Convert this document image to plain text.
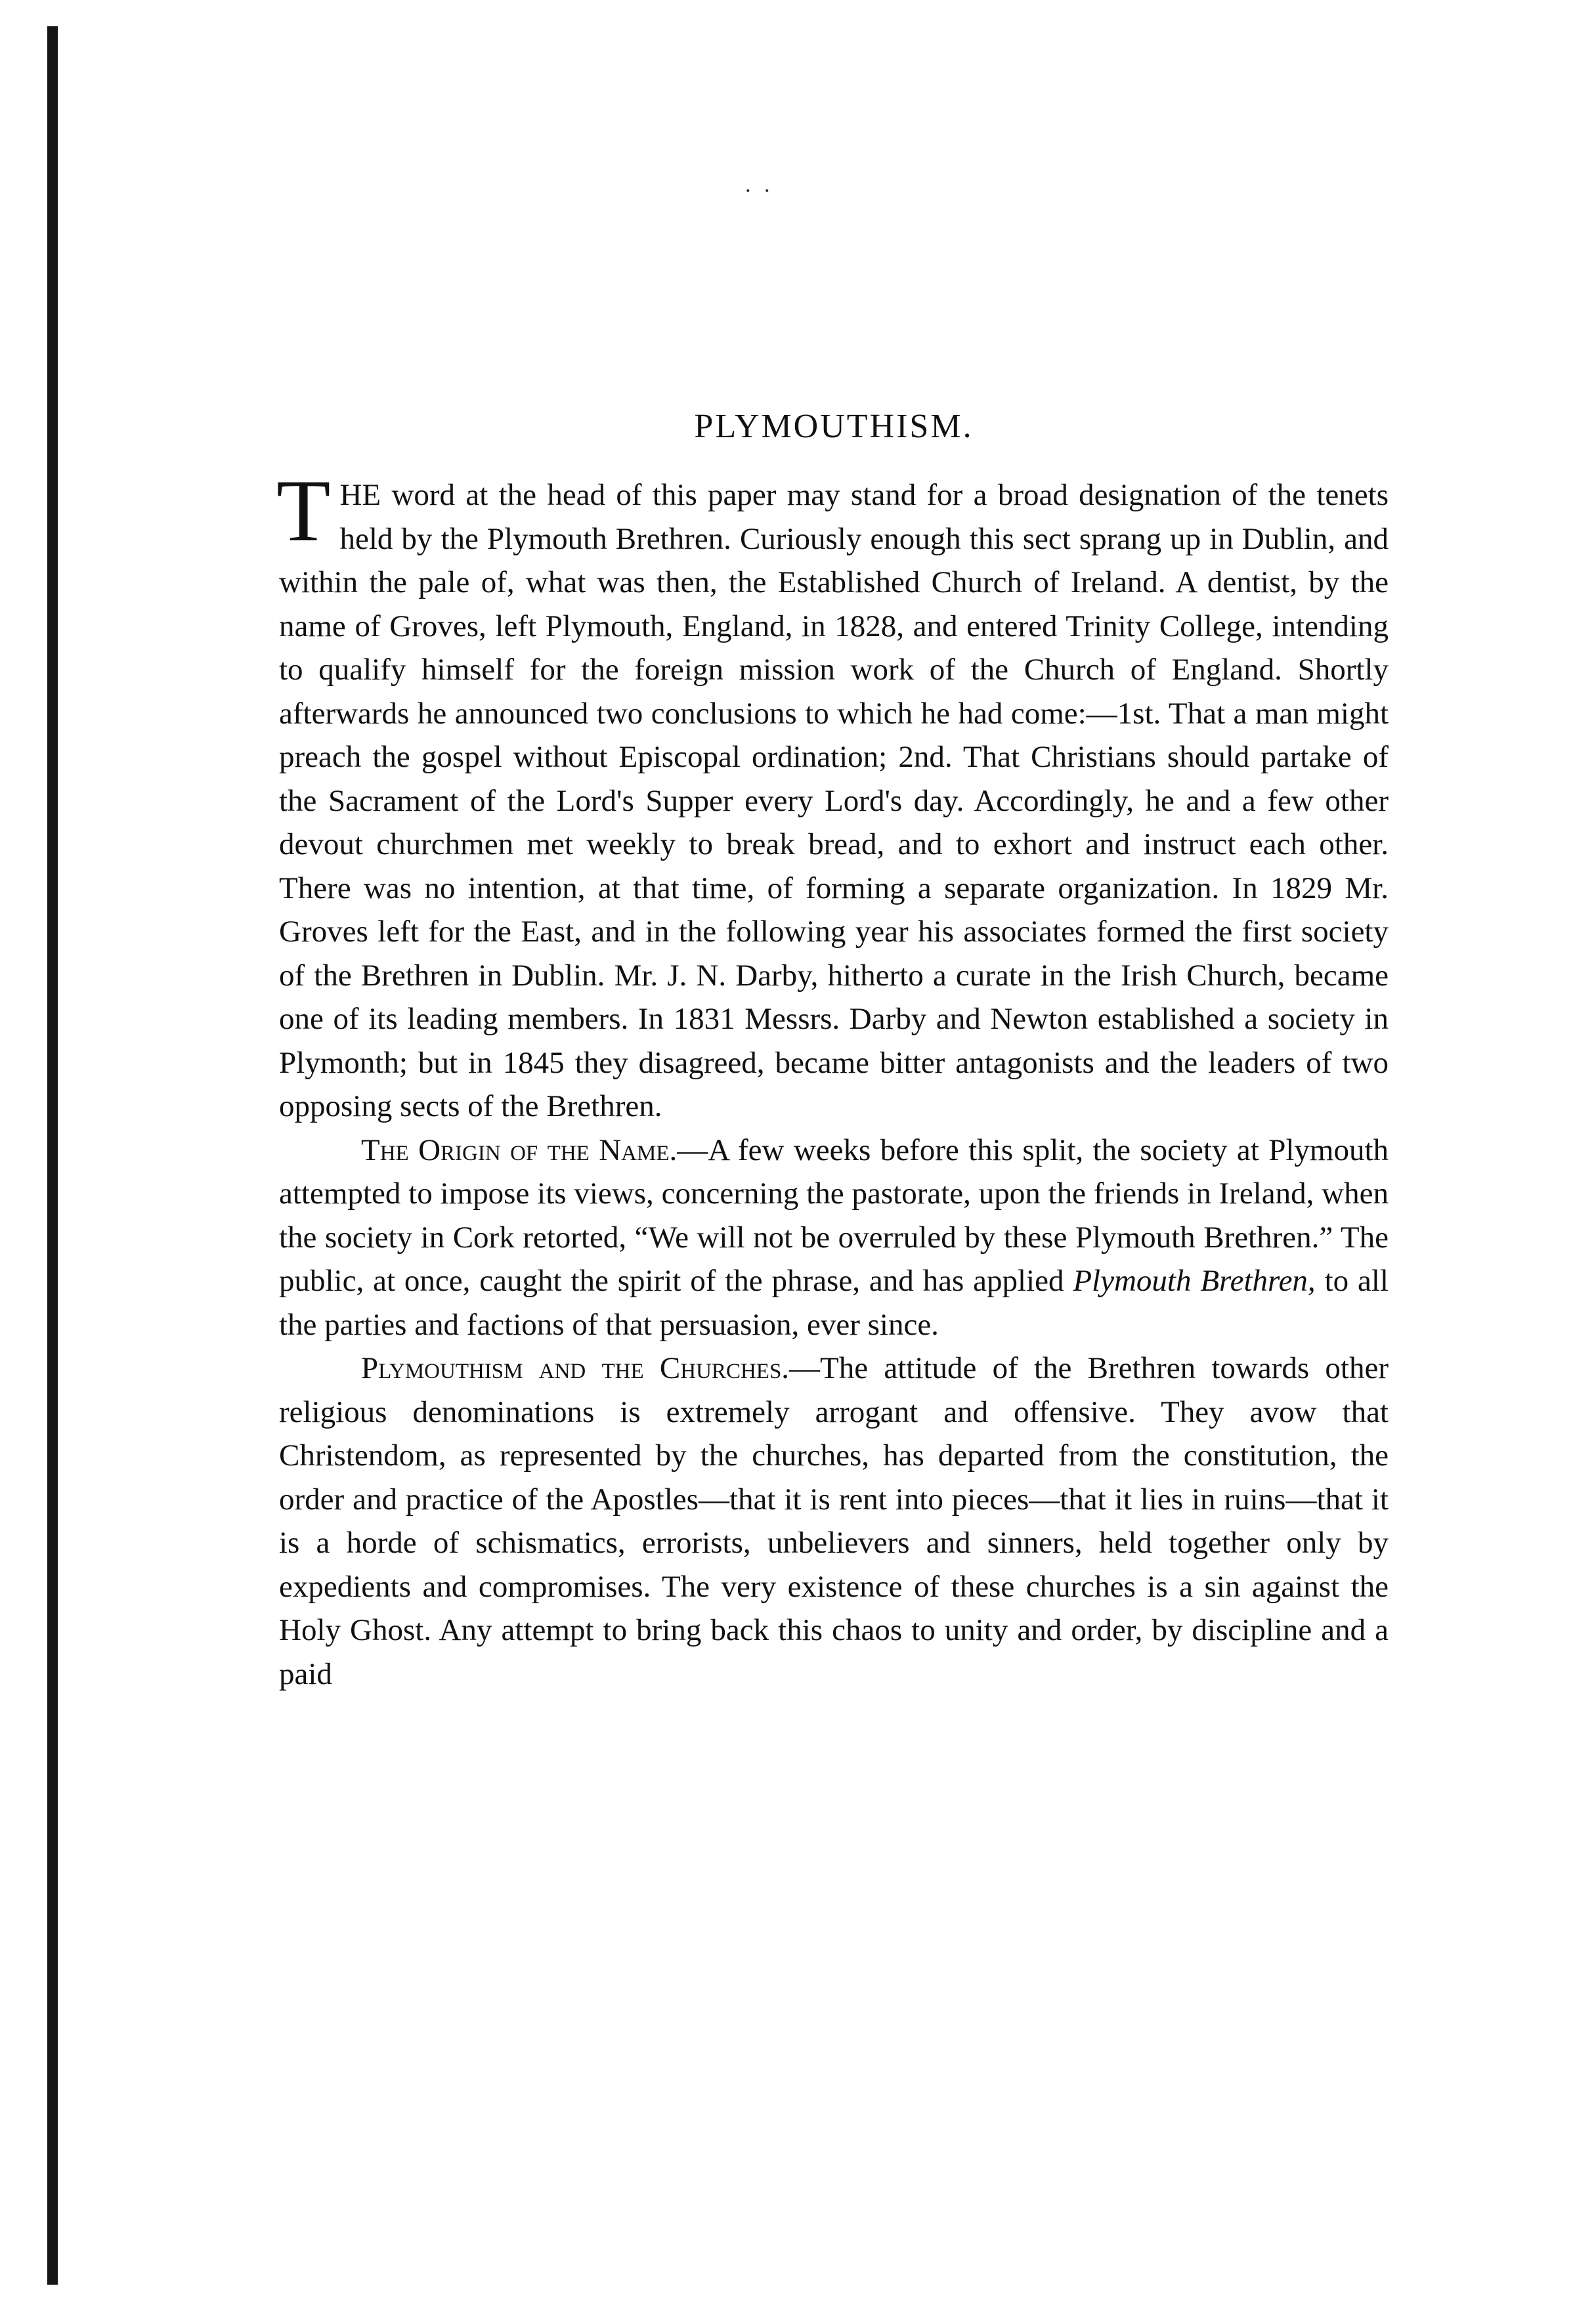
. .
PLYMOUTHISM.

THE word at the head of this paper may stand for a broad designation of the tenets held by the Plymouth Brethren. Curiously enough this sect sprang up in Dublin, and within the pale of, what was then, the Established Church of Ireland. A dentist, by the name of Groves, left Plymouth, England, in 1828, and entered Trinity College, intending to qualify himself for the foreign mission work of the Church of England. Shortly afterwards he announced two conclusions to which he had come:—1st. That a man might preach the gospel without Episcopal ordination; 2nd. That Christians should partake of the Sacrament of the Lord's Supper every Lord's day. Accordingly, he and a few other devout churchmen met weekly to break bread, and to exhort and instruct each other. There was no intention, at that time, of forming a separate organization. In 1829 Mr. Groves left for the East, and in the following year his associates formed the first society of the Brethren in Dublin. Mr. J. N. Darby, hitherto a curate in the Irish Church, became one of its leading members. In 1831 Messrs. Darby and Newton established a society in Plymonth; but in 1845 they disagreed, became bitter antagonists and the leaders of two opposing sects of the Brethren.

The Origin of the Name.—A few weeks before this split, the society at Plymouth attempted to impose its views, concerning the pastorate, upon the friends in Ireland, when the society in Cork retorted, “We will not be overruled by these Plymouth Brethren.” The public, at once, caught the spirit of the phrase, and has applied Plymouth Brethren, to all the parties and factions of that persuasion, ever since.

Plymouthism and the Churches.—The attitude of the Brethren towards other religious denominations is extremely arrogant and offensive. They avow that Christendom, as represented by the churches, has departed from the constitution, the order and practice of the Apostles—that it is rent into pieces—that it lies in ruins—that it is a horde of schismatics, errorists, unbelievers and sinners, held together only by expedients and compromises. The very existence of these churches is a sin against the Holy Ghost. Any attempt to bring back this chaos to unity and order, by discipline and a paid
